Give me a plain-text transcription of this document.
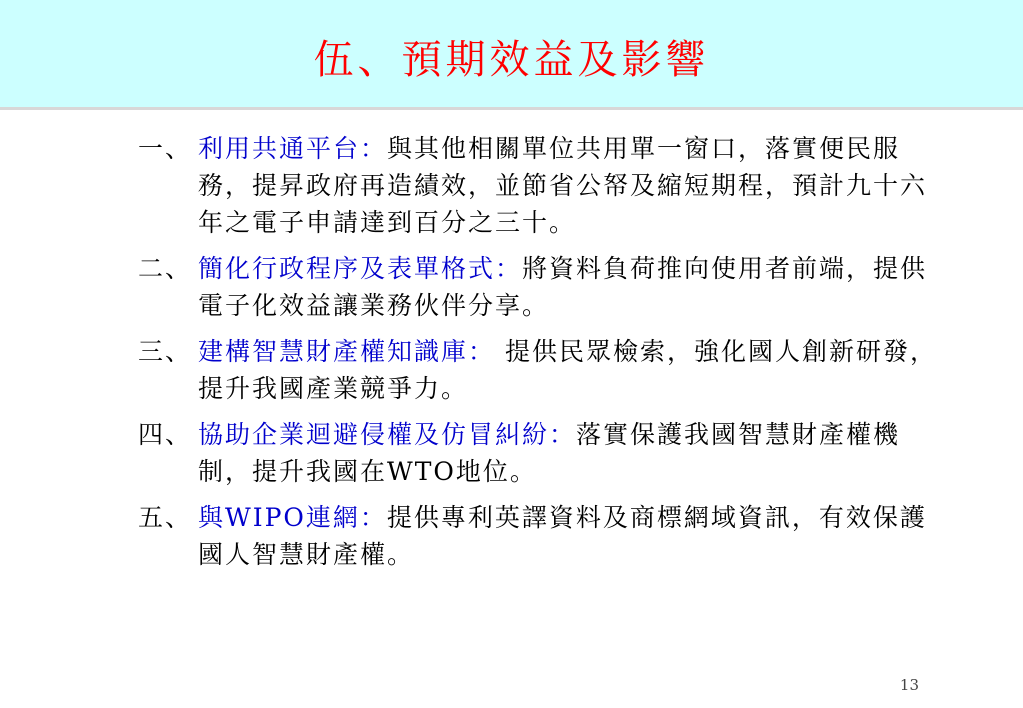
伍、預期效益及影響
一、 利用共通平台：與其他相關單位共用單一窗口，落實便民服務，提昇政府再造績效，並節省公帑及縮短期程，預計九十六年之電子申請達到百分之三十。
二、 簡化行政程序及表單格式：將資料負荷推向使用者前端，提供電子化效益讓業務伙伴分享。
三、 建構智慧財產權知識庫： 提供民眾檢索，強化國人創新研發，提升我國產業競爭力。
四、 協助企業迴避侵權及仿冒糾紛：落實保護我國智慧財產權機制，提升我國在WTO地位。
五、 與WIPO連網：提供專利英譯資料及商標網域資訊，有效保護國人智慧財產權。
13
